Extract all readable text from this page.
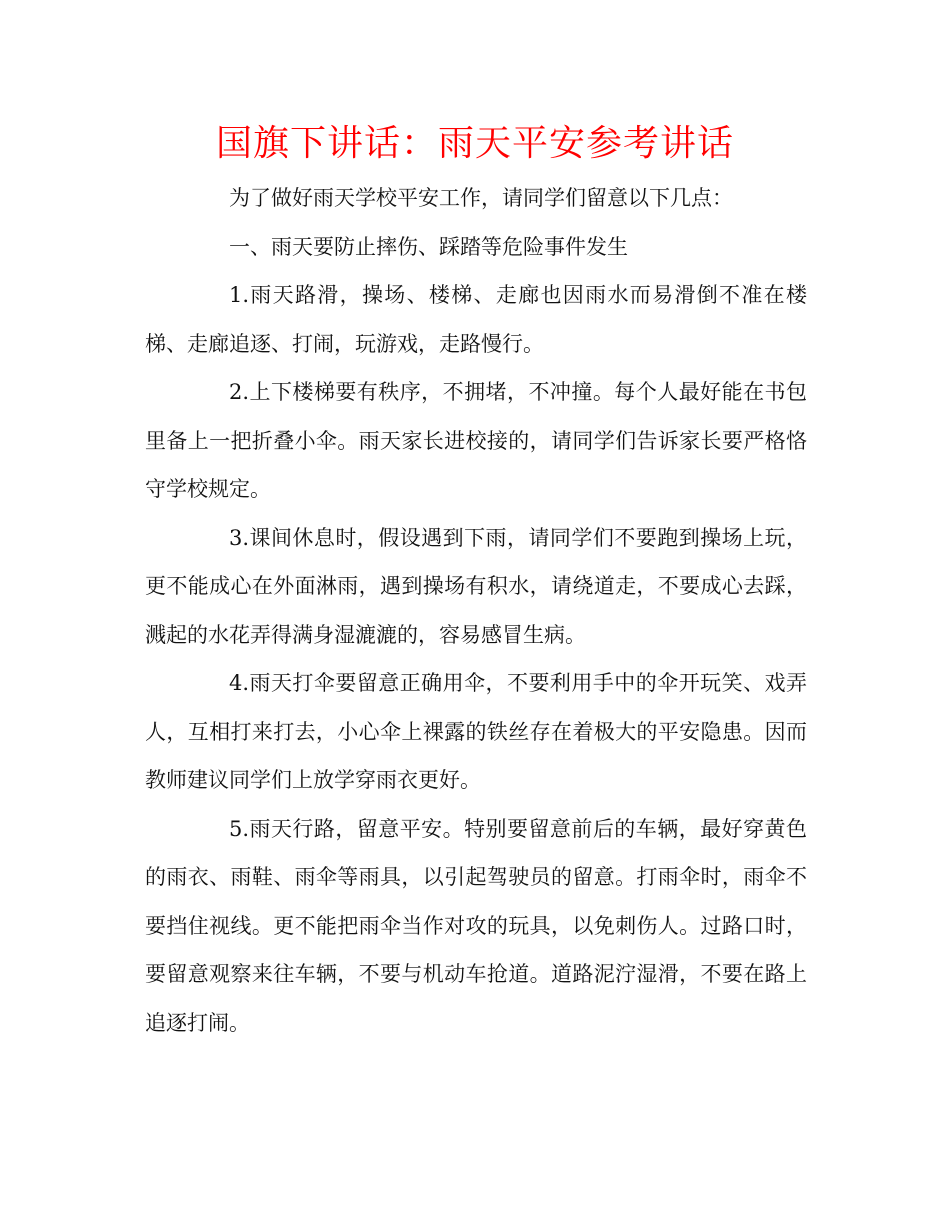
国旗下讲话：雨天平安参考讲话

为了做好雨天学校平安工作，请同学们留意以下几点：

一、雨天要防止摔伤、踩踏等危险事件发生

1.雨天路滑，操场、楼梯、走廊也因雨水而易滑倒不准在楼梯、走廊追逐、打闹，玩游戏，走路慢行。

2.上下楼梯要有秩序，不拥堵，不冲撞。每个人最好能在书包里备上一把折叠小伞。雨天家长进校接的，请同学们告诉家长要严格恪守学校规定。

3.课间休息时，假设遇到下雨，请同学们不要跑到操场上玩，更不能成心在外面淋雨，遇到操场有积水，请绕道走，不要成心去踩，溅起的水花弄得满身湿漉漉的，容易感冒生病。

4.雨天打伞要留意正确用伞，不要利用手中的伞开玩笑、戏弄人，互相打来打去，小心伞上裸露的铁丝存在着极大的平安隐患。因而教师建议同学们上放学穿雨衣更好。

5.雨天行路，留意平安。特别要留意前后的车辆，最好穿黄色的雨衣、雨鞋、雨伞等雨具，以引起驾驶员的留意。打雨伞时，雨伞不要挡住视线。更不能把雨伞当作对攻的玩具，以免刺伤人。过路口时，要留意观察来往车辆，不要与机动车抢道。道路泥泞湿滑，不要在路上追逐打闹。
